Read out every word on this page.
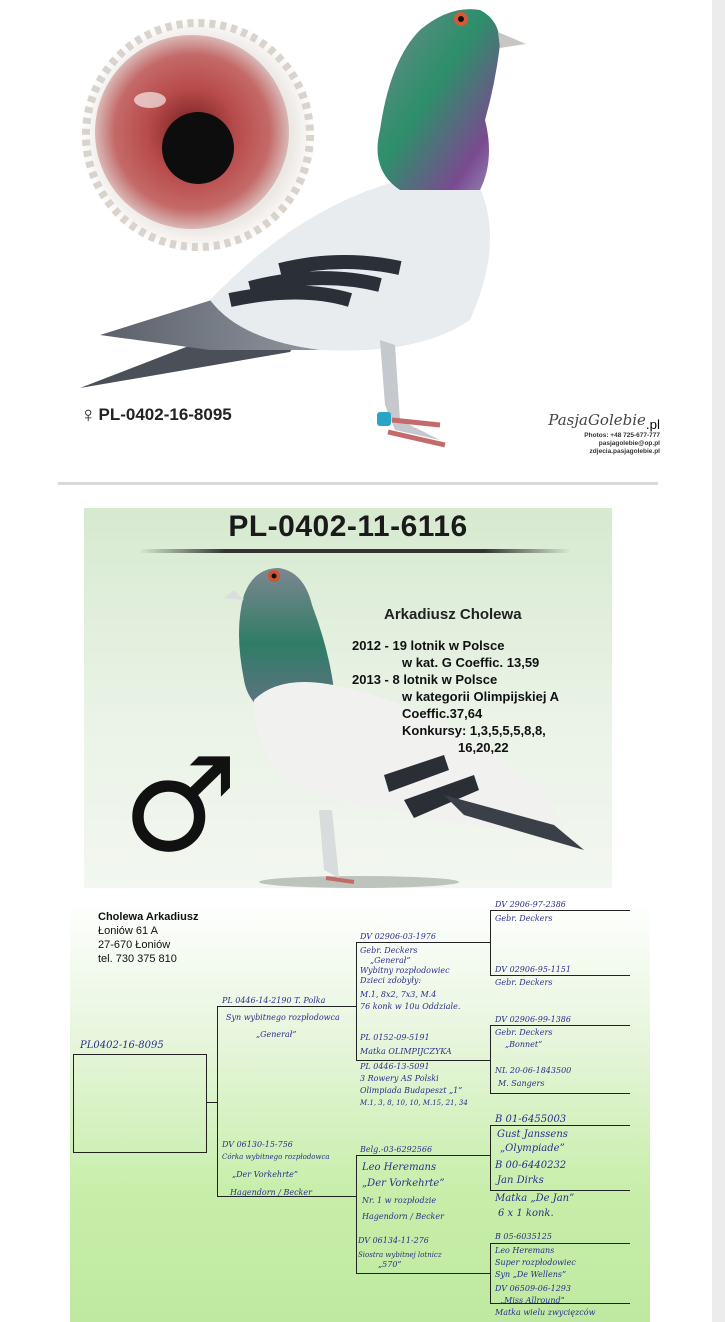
♀ PL-0402-16-8095	PasjaGolebie$_{.pl}$
Photos: +48 725-677-777
pasjagolebie@op.pl
zdjecia.pasjagolebie.pl
PL-0402-11-6116
Arkadiusz Cholewa
2012 - 19 lotnik w Polsce
w kat. G Coeffic. 13,59
2013 - 8 lotnik w Polsce
w kategorii Olimpijskiej A
Coeffic.37,64
Konkursy: 1,3,5,5,5,8,8,
16,20,22
♂
Cholewa Arkadiusz
Łoniów 61 A
27-670 Łoniów
tel. 730 375 810
PL0402-16-8095
PL 0446-14-2190 T. Polka
Syn wybitnego rozpłodowca
„Generał”
DV 06130-15-756
Córka wybitnego rozpłodowca
„Der Vorkehrte”
Hagendorn / Becker
DV 02906-03-1976
Gebr. Deckers
„Generał”
Wybitny rozpłodowiec
Dzieci zdobyły:
M.1, 8x2, 7x3, M.4
76 konk w 10u Oddziale.
PL 0152-09-5191
Matka OLIMPIJCZYKA
PL 0446-13-5091
3 Rowery AS Polski
Olimpiada Budapeszt „1”
M.1, 3, 8, 10, 10, M.15, 21, 34
Belg.-03-6292566
Leo Heremans
„Der Vorkehrte”
Nr. 1 w rozpłodzie
Hagendorn / Becker
DV 06134-11-276
Siostra wybitnej lotnicz
„570”
DV 2906-97-2386
Gebr. Deckers
DV 02906-95-1151
Gebr. Deckers
DV 02906-99-1386
Gebr. Deckers
„Bonnet”
NL 20-06-1843500
M. Sangers
B 01-6455003
Gust Janssens
„Olympiade”
B 00-6440232
Jan Dirks
Matka „De Jan”
6 x 1 konk.
B 05-6035125
Leo Heremans
Super rozpłodowiec
Syn „De Wellens”
DV 06509-06-1293
„Miss Allround”
Matka wielu zwycięzców
